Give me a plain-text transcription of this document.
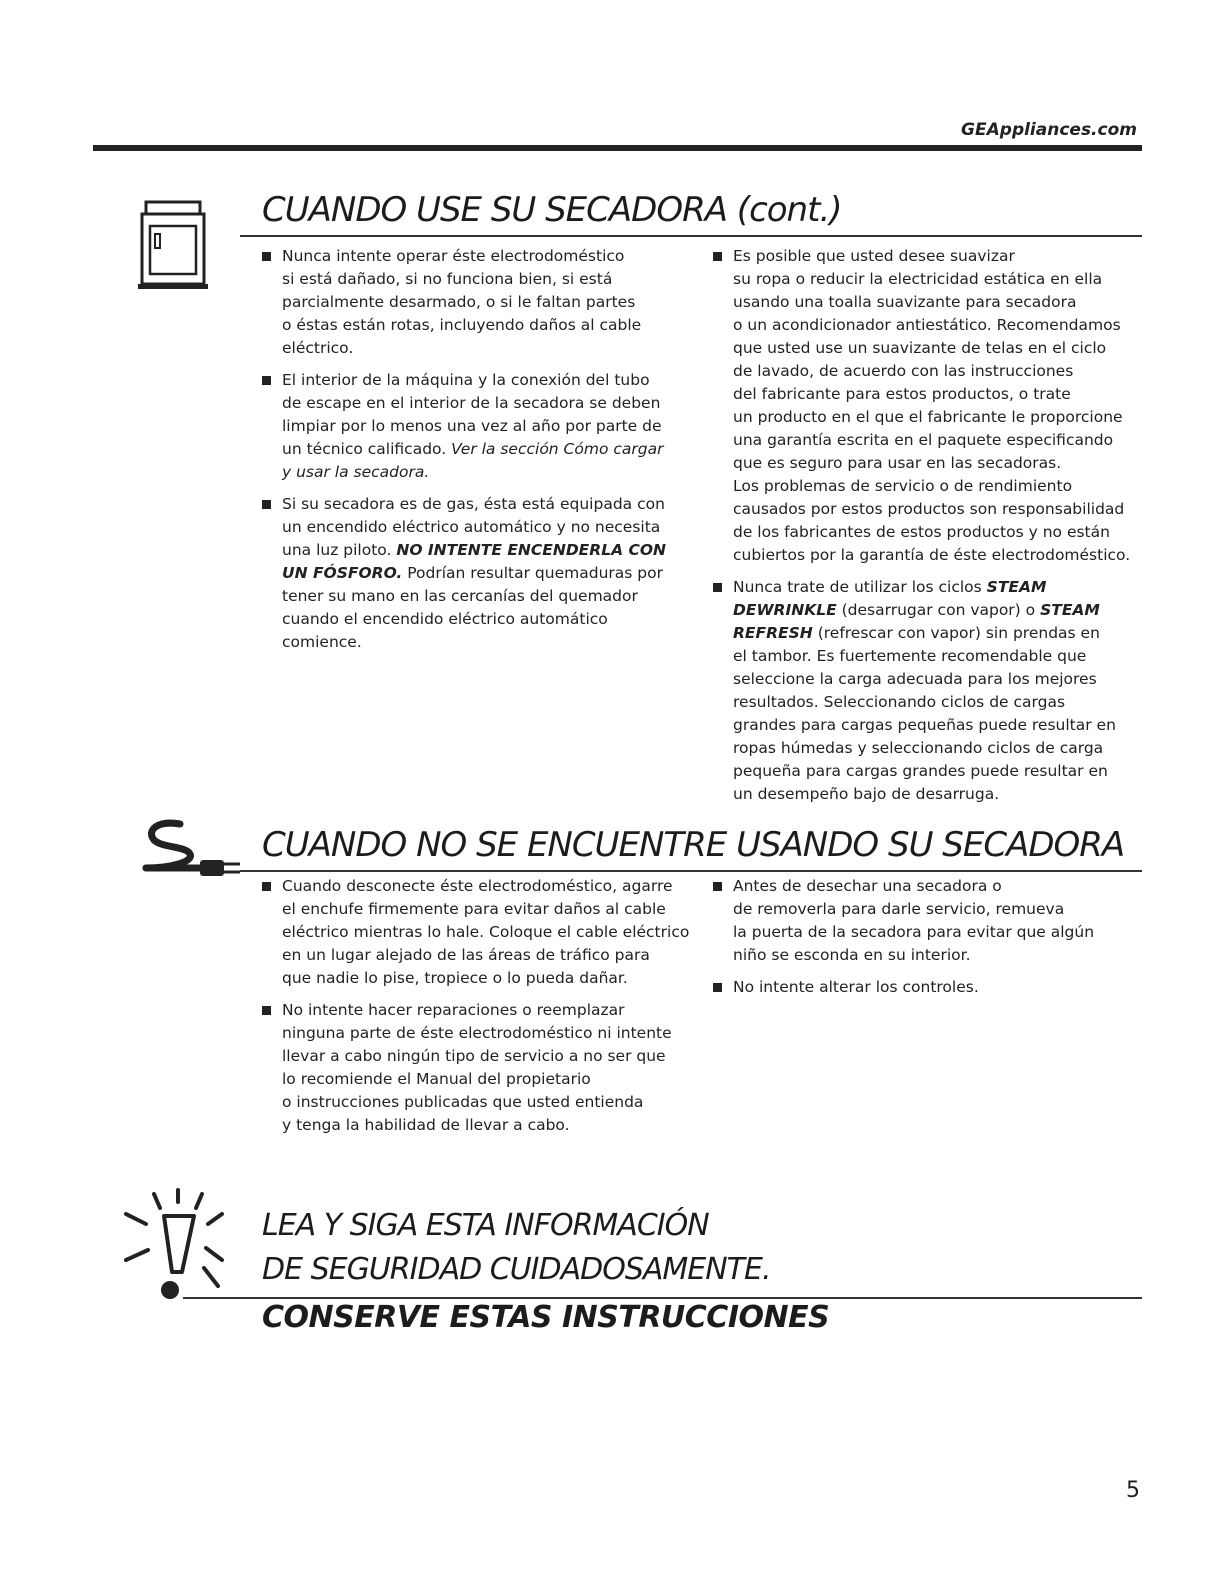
GEAppliances.com
CUANDO USE SU SECADORA (cont.)
Nunca intente operar éste electrodoméstico
si está dañado, si no funciona bien, si está
parcialmente desarmado, o si le faltan partes
o éstas están rotas, incluyendo daños al cable
eléctrico.
El interior de la máquina y la conexión del tubo
de escape en el interior de la secadora se deben
limpiar por lo menos una vez al año por parte de
un técnico calificado. Ver la sección Cómo cargar
y usar la secadora.
Si su secadora es de gas, ésta está equipada con
un encendido eléctrico automático y no necesita
una luz piloto. NO INTENTE ENCENDERLA CON
UN FÓSFORO. Podrían resultar quemaduras por
tener su mano en las cercanías del quemador
cuando el encendido eléctrico automático
comience.
Es posible que usted desee suavizar
su ropa o reducir la electricidad estática en ella
usando una toalla suavizante para secadora
o un acondicionador antiestático. Recomendamos
que usted use un suavizante de telas en el ciclo
de lavado, de acuerdo con las instrucciones
del fabricante para estos productos, o trate
un producto en el que el fabricante le proporcione
una garantía escrita en el paquete especificando
que es seguro para usar en las secadoras.
Los problemas de servicio o de rendimiento
causados por estos productos son responsabilidad
de los fabricantes de estos productos y no están
cubiertos por la garantía de éste electrodoméstico.
Nunca trate de utilizar los ciclos STEAM
DEWRINKLE (desarrugar con vapor) o STEAM
REFRESH (refrescar con vapor) sin prendas en
el tambor. Es fuertemente recomendable que
seleccione la carga adecuada para los mejores
resultados. Seleccionando ciclos de cargas
grandes para cargas pequeñas puede resultar en
ropas húmedas y seleccionando ciclos de carga
pequeña para cargas grandes puede resultar en
un desempeño bajo de desarruga.
CUANDO NO SE ENCUENTRE USANDO SU SECADORA
Cuando desconecte éste electrodoméstico, agarre
el enchufe firmemente para evitar daños al cable
eléctrico mientras lo hale. Coloque el cable eléctrico
en un lugar alejado de las áreas de tráfico para
que nadie lo pise, tropiece o lo pueda dañar.
No intente hacer reparaciones o reemplazar
ninguna parte de éste electrodoméstico ni intente
llevar a cabo ningún tipo de servicio a no ser que
lo recomiende el Manual del propietario
o instrucciones publicadas que usted entienda
y tenga la habilidad de llevar a cabo.
Antes de desechar una secadora o
de removerla para darle servicio, remueva
la puerta de la secadora para evitar que algún
niño se esconda en su interior.
No intente alterar los controles.
LEA Y SIGA ESTA INFORMACIÓN
DE SEGURIDAD CUIDADOSAMENTE.
CONSERVE ESTAS INSTRUCCIONES
5
